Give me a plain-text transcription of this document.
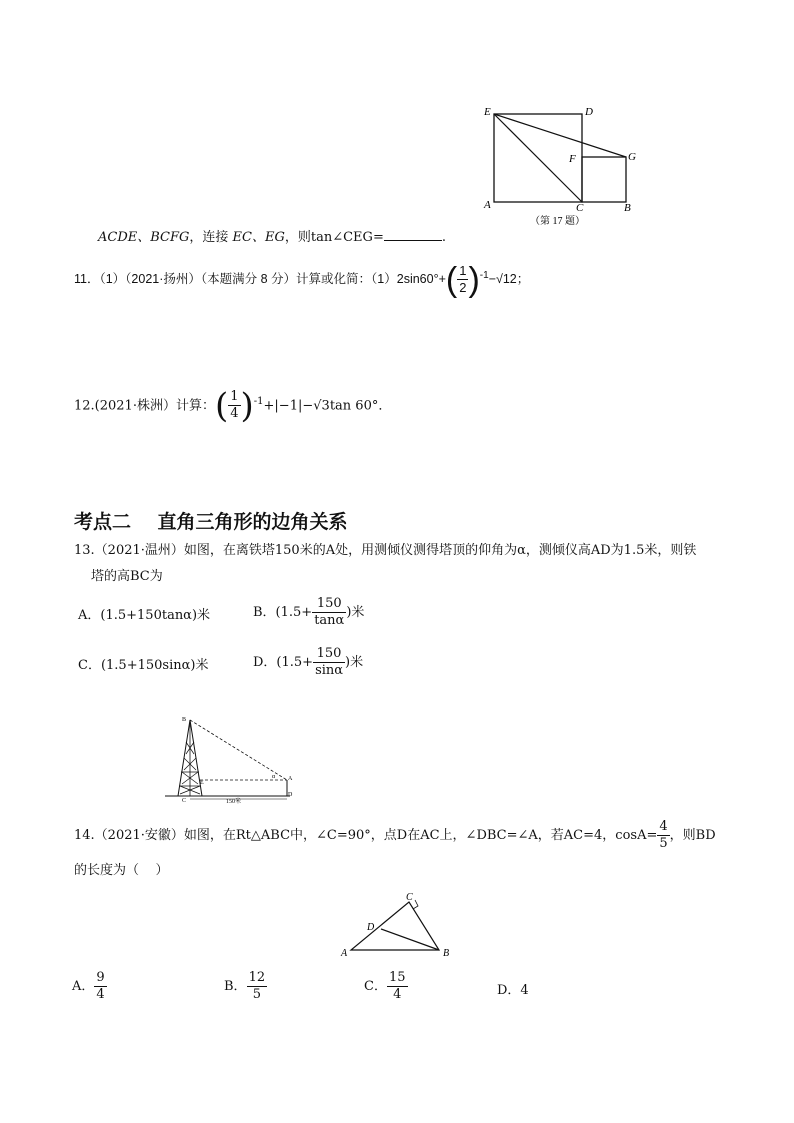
E	D
F	G
A	C	B
（第 17 题）
ACDE、BCFG，连接 EC、EG，则tan∠CEG=	.
11．（1）（2021·扬州）（本题满分 8 分）计算或化简：$(1)2\sin 60^\circ+( \frac{1}{2} )^{-1}-√12$；
12.(2021·株洲）计算：( $\frac{1}{4} )^{-1}+|-1|-√3\tan$ 60°．
考点二    直角三角形的边角关系
13.（2021·温州）如图，在离铁塔150米的A处，用测倾仪测得塔顶的仰角为α，测倾仪高AD为1.5米，则铁
塔的高BC为
A．(1.5+150tanα)米	B．($1.5+ \frac{150}{\tan\alpha}$ )米
C．(1.5+150sinα)米	D．($1.5+ \frac{150}{\sin\alpha}$ )米
B
C
E
A
D
α
150米
14.（2021·安徽）如图，在Rt△ABC中，∠C=90°，点D在AC上，∠DBC=∠A，若AC=4，$\cos A= \frac{4}{5}$ ，则BD
的长度为（    ）
A	B
C
D
A． $\frac{9}{4}$	B． $\frac{12}{5}$	C． $\frac{15}{4}$	D．4
